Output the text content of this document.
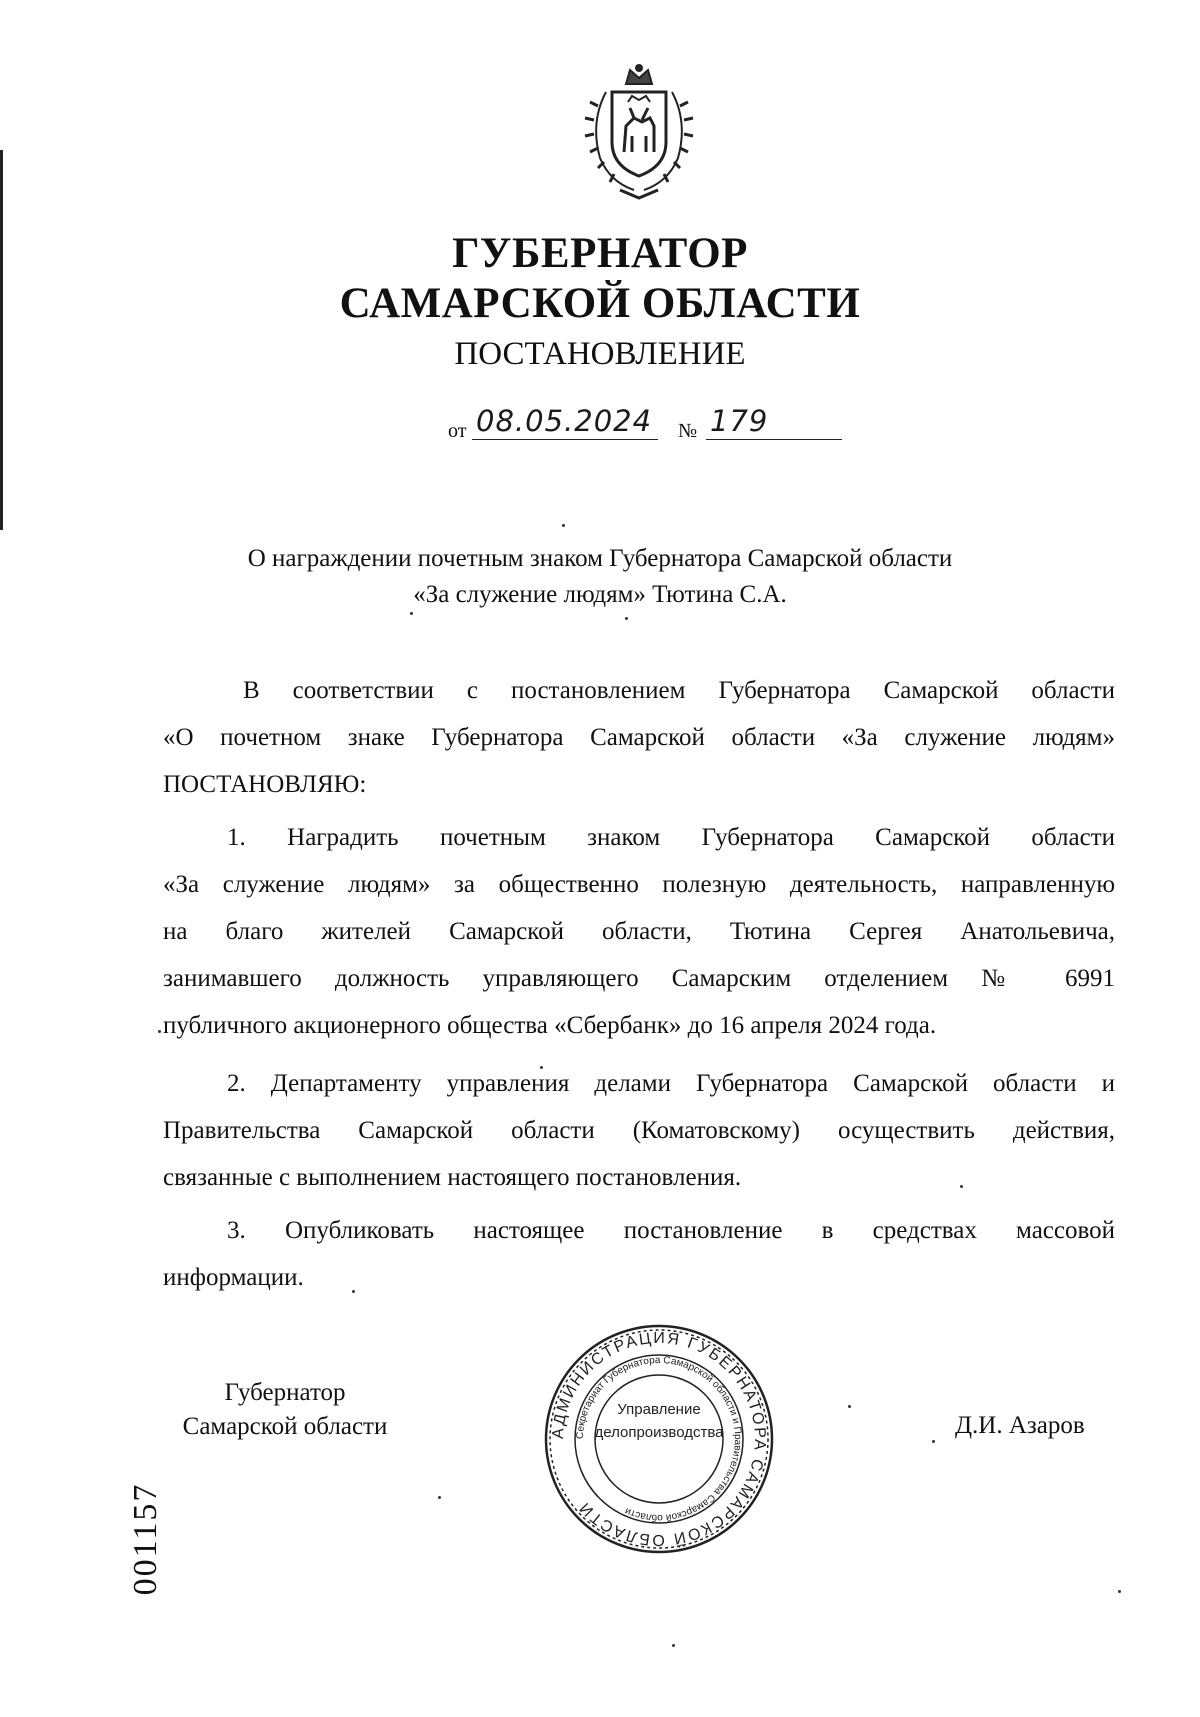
ГУБЕРНАТОР
САМАРСКОЙ ОБЛАСТИ
ПОСТАНОВЛЕНИЕ
от 08.05.2024 № 179
О награждении почетным знаком Губернатора Самарской области
«За служение людям» Тютина С.А.
В соответствии с постановлением Губернатора Самарской области
«О почетном знаке Губернатора Самарской области «За служение людям»
ПОСТАНОВЛЯЮ:
1. Наградить почетным знаком Губернатора Самарской области
«За служение людям» за общественно полезную деятельность, направленную
на благо жителей Самарской области, Тютина Сергея Анатольевича,
занимавшего должность управляющего Самарским отделением № 6991
публичного акционерного общества «Сбербанк» до 16 апреля 2024 года.
2. Департаменту управления делами Губернатора Самарской области и
Правительства Самарской области (Коматовскому) осуществить действия,
связанные с выполнением настоящего постановления.
3. Опубликовать настоящее постановление в средствах массовой
информации.
Губернатор
Самарской области	Д.И. Азаров
АДМИНИСТРАЦИЯ ГУБЕРНАТОРА САМАРСКОЙ ОБЛАСТИ
Секретариат Губернатора Самарской области и Правительства Самарской области
Управление
делопроизводства
001157
